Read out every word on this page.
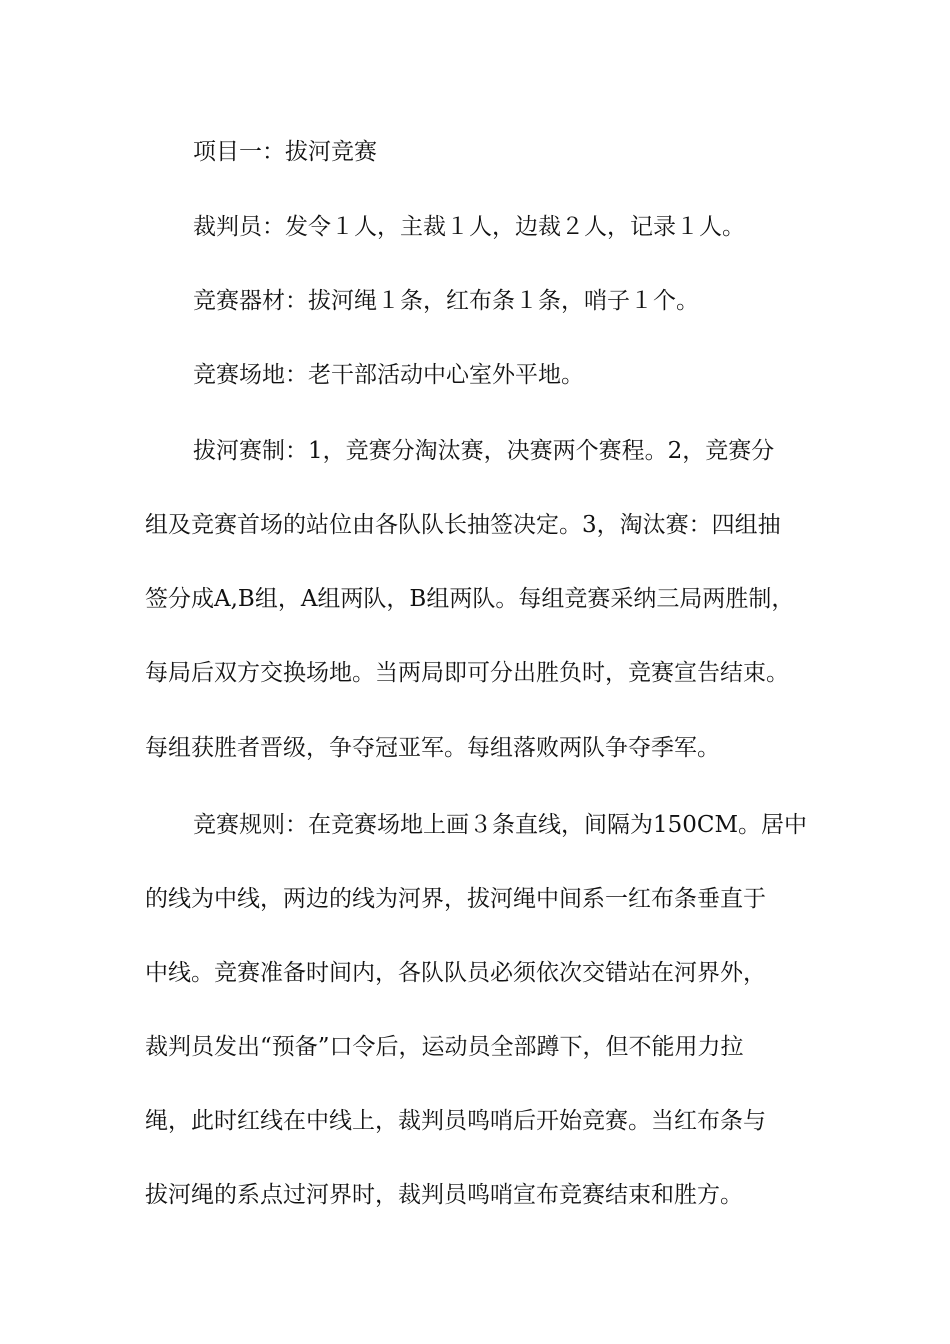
项目一：拔河竞赛
裁判员：发令１人，主裁１人，边裁２人，记录１人。
竞赛器材：拔河绳１条，红布条１条，哨子１个。
竞赛场地：老干部活动中心室外平地。
拔河赛制：1，竞赛分淘汰赛，决赛两个赛程。2，竞赛分
组及竞赛首场的站位由各队队长抽签决定。3，淘汰赛：四组抽
签分成A,B组，A组两队，B组两队。每组竞赛采纳三局两胜制，
每局后双方交换场地。当两局即可分出胜负时，竞赛宣告结束。
每组获胜者晋级，争夺冠亚军。每组落败两队争夺季军。
竞赛规则：在竞赛场地上画３条直线，间隔为150CM。居中
的线为中线，两边的线为河界，拔河绳中间系一红布条垂直于
中线。竞赛准备时间内，各队队员必须依次交错站在河界外，
裁判员发出“预备”口令后，运动员全部蹲下，但不能用力拉
绳，此时红线在中线上，裁判员鸣哨后开始竞赛。当红布条与
拔河绳的系点过河界时，裁判员鸣哨宣布竞赛结束和胜方。
